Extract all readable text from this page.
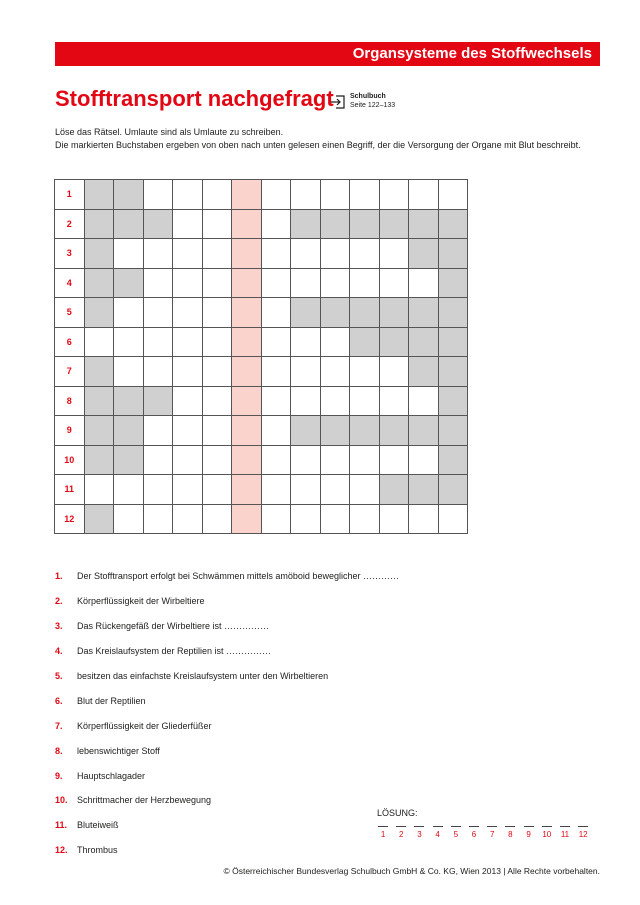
Organsysteme des Stoffwechsels
Stofftransport nachgefragt Schulbuch
Seite 122–133

Löse das Rätsel. Umlaute sind als Umlaute zu schreiben.

Die markierten Buchstaben ergeben von oben nach unten gelesen einen Begriff, der die Versorgung der Organe mit Blut beschreibt.

1													
2													
3													
4													
5													
6													
7													
8													
9													
10													
11													
12													
1.	Der Stofftransport erfolgt bei Schwämmen mittels amöboid beweglicher …………
2.	Körperflüssigkeit der Wirbeltiere
3.	Das Rückengefäß der Wirbeltiere ist ……………
4.	Das Kreislaufsystem der Reptilien ist ……………
5.	besitzen das einfachste Kreislaufsystem unter den Wirbeltieren
6.	Blut der Reptilien
7.	Körperflüssigkeit der Gliederfüßer
8.	lebenswichtiger Stoff
9.	Hauptschlagader
10.	Schrittmacher der Herzbewegung
11.	Bluteiweiß
12.	Thrombus
LÖSUNG:
1	2	3	4	5	6	7	8	9	10	11	12
© Österreichischer Bundesverlag Schulbuch GmbH & Co. KG, Wien 2013 | Alle Rechte vorbehalten.
